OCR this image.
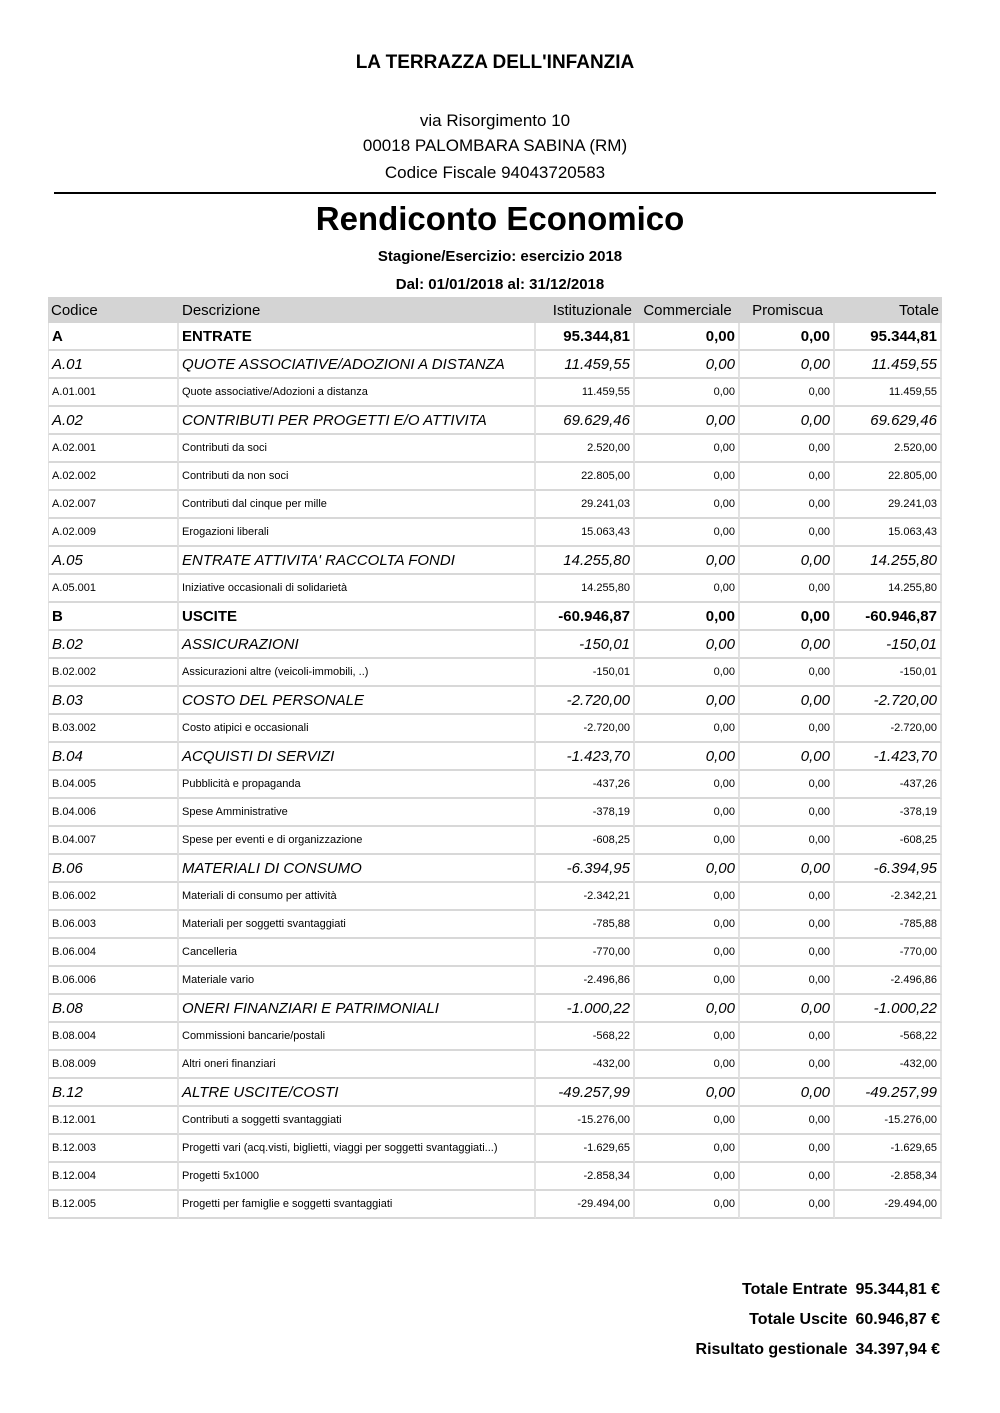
LA TERRAZZA DELL'INFANZIA
via Risorgimento 10
00018 PALOMBARA SABINA (RM)
Codice Fiscale 94043720583
Rendiconto Economico
Stagione/Esercizio: esercizio 2018
Dal: 01/01/2018 al: 31/12/2018
Codice	Descrizione	Istituzionale	Commerciale	Promiscua	Totale
A	ENTRATE	95.344,81	0,00	0,00	95.344,81
A.01	QUOTE ASSOCIATIVE/ADOZIONI A DISTANZA	11.459,55	0,00	0,00	11.459,55
A.01.001	Quote associative/Adozioni a distanza	11.459,55	0,00	0,00	11.459,55
A.02	CONTRIBUTI PER PROGETTI E/O ATTIVITA	69.629,46	0,00	0,00	69.629,46
A.02.001	Contributi da soci	2.520,00	0,00	0,00	2.520,00
A.02.002	Contributi da non soci	22.805,00	0,00	0,00	22.805,00
A.02.007	Contributi dal cinque per mille	29.241,03	0,00	0,00	29.241,03
A.02.009	Erogazioni liberali	15.063,43	0,00	0,00	15.063,43
A.05	ENTRATE ATTIVITA' RACCOLTA FONDI	14.255,80	0,00	0,00	14.255,80
A.05.001	Iniziative occasionali di solidarietà	14.255,80	0,00	0,00	14.255,80
B	USCITE	-60.946,87	0,00	0,00	-60.946,87
B.02	ASSICURAZIONI	-150,01	0,00	0,00	-150,01
B.02.002	Assicurazioni altre (veicoli-immobili, ..)	-150,01	0,00	0,00	-150,01
B.03	COSTO DEL PERSONALE	-2.720,00	0,00	0,00	-2.720,00
B.03.002	Costo atipici e occasionali	-2.720,00	0,00	0,00	-2.720,00
B.04	ACQUISTI DI SERVIZI	-1.423,70	0,00	0,00	-1.423,70
B.04.005	Pubblicità e propaganda	-437,26	0,00	0,00	-437,26
B.04.006	Spese Amministrative	-378,19	0,00	0,00	-378,19
B.04.007	Spese per eventi e di organizzazione	-608,25	0,00	0,00	-608,25
B.06	MATERIALI DI CONSUMO	-6.394,95	0,00	0,00	-6.394,95
B.06.002	Materiali di consumo per attività	-2.342,21	0,00	0,00	-2.342,21
B.06.003	Materiali per soggetti svantaggiati	-785,88	0,00	0,00	-785,88
B.06.004	Cancelleria	-770,00	0,00	0,00	-770,00
B.06.006	Materiale vario	-2.496,86	0,00	0,00	-2.496,86
B.08	ONERI FINANZIARI E PATRIMONIALI	-1.000,22	0,00	0,00	-1.000,22
B.08.004	Commissioni bancarie/postali	-568,22	0,00	0,00	-568,22
B.08.009	Altri oneri finanziari	-432,00	0,00	0,00	-432,00
B.12	ALTRE USCITE/COSTI	-49.257,99	0,00	0,00	-49.257,99
B.12.001	Contributi a soggetti svantaggiati	-15.276,00	0,00	0,00	-15.276,00
B.12.003	Progetti vari (acq.visti, biglietti, viaggi per soggetti svantaggiati...)	-1.629,65	0,00	0,00	-1.629,65
B.12.004	Progetti 5x1000	-2.858,34	0,00	0,00	-2.858,34
B.12.005	Progetti per famiglie e soggetti svantaggiati	-29.494,00	0,00	0,00	-29.494,00
Totale Entrate 95.344,81 €
Totale Uscite 60.946,87 €
Risultato gestionale 34.397,94 €
